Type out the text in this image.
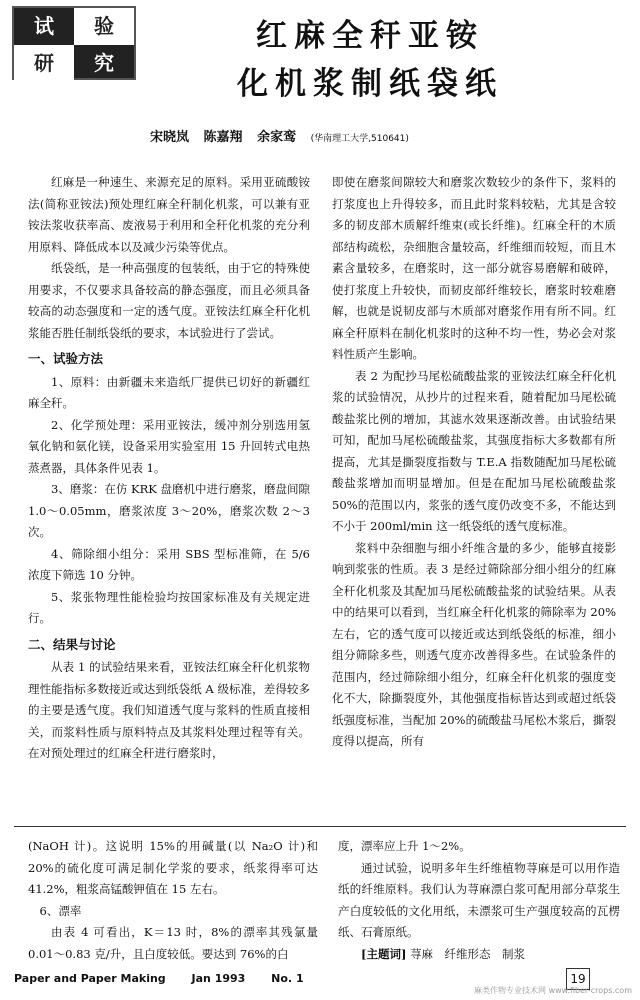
试	验
研	究
红麻全秆亚铵
化机浆制纸袋纸
宋晓岚 陈嘉翔 余家鸾 (华南理工大学,510641)

红麻是一种速生、来源充足的原料。采用亚硫酸铵法(简称亚铵法)预处理红麻全秆制化机浆，可以兼有亚铵法浆收获率高、废液易于利用和全秆化机浆的充分利用原料、降低成本以及减少污染等优点。

纸袋纸，是一种高强度的包装纸，由于它的特殊使用要求，不仅要求具备较高的静态强度，而且必须具备较高的动态强度和一定的透气度。亚铵法红麻全秆化机浆能否胜任制纸袋纸的要求，本试验进行了尝试。

一、试验方法

1、原料：由新疆未来造纸厂提供已切好的新疆红麻全秆。

2、化学预处理：采用亚铵法，缓冲剂分别选用氢氧化钠和氨化镁，设备采用实验室用 15 升回转式电热蒸煮器，具体条件见表 1。

3、磨浆：在仿 KRK 盘磨机中进行磨浆，磨盘间隙 1.0～0.05mm，磨浆浓度 3～20%，磨浆次数 2～3 次。

4、筛除细小组分：采用 SBS 型标准筛，在 5/6 浓度下筛选 10 分钟。

5、浆张物理性能检验均按国家标准及有关规定进行。

二、结果与讨论

从表 1 的试验结果来看，亚铵法红麻全秆化机浆物理性能指标多数接近或达到纸袋纸 A 级标准，差得较多的主要是透气度。我们知道透气度与浆料的性质直接相关，而浆料性质与原料特点及其浆料处理过程等有关。在对预处理过的红麻全秆进行磨浆时，

即使在磨浆间隙较大和磨浆次数较少的条件下，浆料的打浆度也上升得较多，而且此时浆料较粘，尤其是含较多的韧皮部木质解纤维束(或长纤维)。红麻全秆的木质部结构疏松，杂细胞含量较高，纤维细而较短，而且木素含量较多，在磨浆时，这一部分就容易磨解和破碎，使打浆度上升较快，而韧皮部纤维较长，磨浆时较难磨解，也就是说韧皮部与木质部对磨浆作用有所不同。红麻全秆原料在制化机浆时的这种不均一性，势必会对浆料性质产生影响。

表 2 为配抄马尾松硫酸盐浆的亚铵法红麻全秆化机浆的试验情况，从抄片的过程来看，随着配加马尾松硫酸盐浆比例的增加，其滤水效果逐渐改善。由试验结果可知，配加马尾松硫酸盐浆，其强度指标大多数都有所提高，尤其是撕裂度指数与 T.E.A 指数随配加马尾松硫酸盐浆增加而明显增加。但是在配加马尾松硫酸盐浆 50%的范围以内，浆张的透气度仍改变不多，不能达到不小于 200ml/min 这一纸袋纸的透气度标准。

浆料中杂细胞与细小纤维含量的多少，能够直接影响到浆张的性质。表 3 是经过筛除部分细小组分的红麻全秆化机浆及其配加马尾松硫酸盐浆的试验结果。从表中的结果可以看到，当红麻全秆化机浆的筛除率为 20%左右，它的透气度可以接近或达到纸袋纸的标准，细小组分筛除多些，则透气度亦改善得多些。在试验条件的范围内，经过筛除细小组分，红麻全秆化机浆的强度变化不大，除撕裂度外，其他强度指标皆达到或超过纸袋纸强度标准，当配加 20%的硫酸盐马尾松木浆后，撕裂度得以提高，所有

(NaOH 计)。这说明 15%的用碱量(以 Na₂O 计)和 20%的硫化度可满足制化学浆的要求，纸浆得率可达 41.2%，粗浆高锰酸钾值在 15 左右。

6、漂率

由表 4 可看出，K＝13 时，8%的漂率其残氯量 0.01～0.83 克/升，且白度较低。要达到 76%的白

度，漂率应上升 1～2%。

通过试验，说明多年生纤维植物荨麻是可以用作造纸的纤维原料。我们认为荨麻漂白浆可配用部分草浆生产白度较低的文化用纸，未漂浆可生产强度较高的瓦楞纸、石膏原纸。

[主题词] 荨麻　纤维形态　制浆

Paper and Paper Making Jan 1993 No. 1	19
麻类作物专业技术网 www.fiber-crops.com
